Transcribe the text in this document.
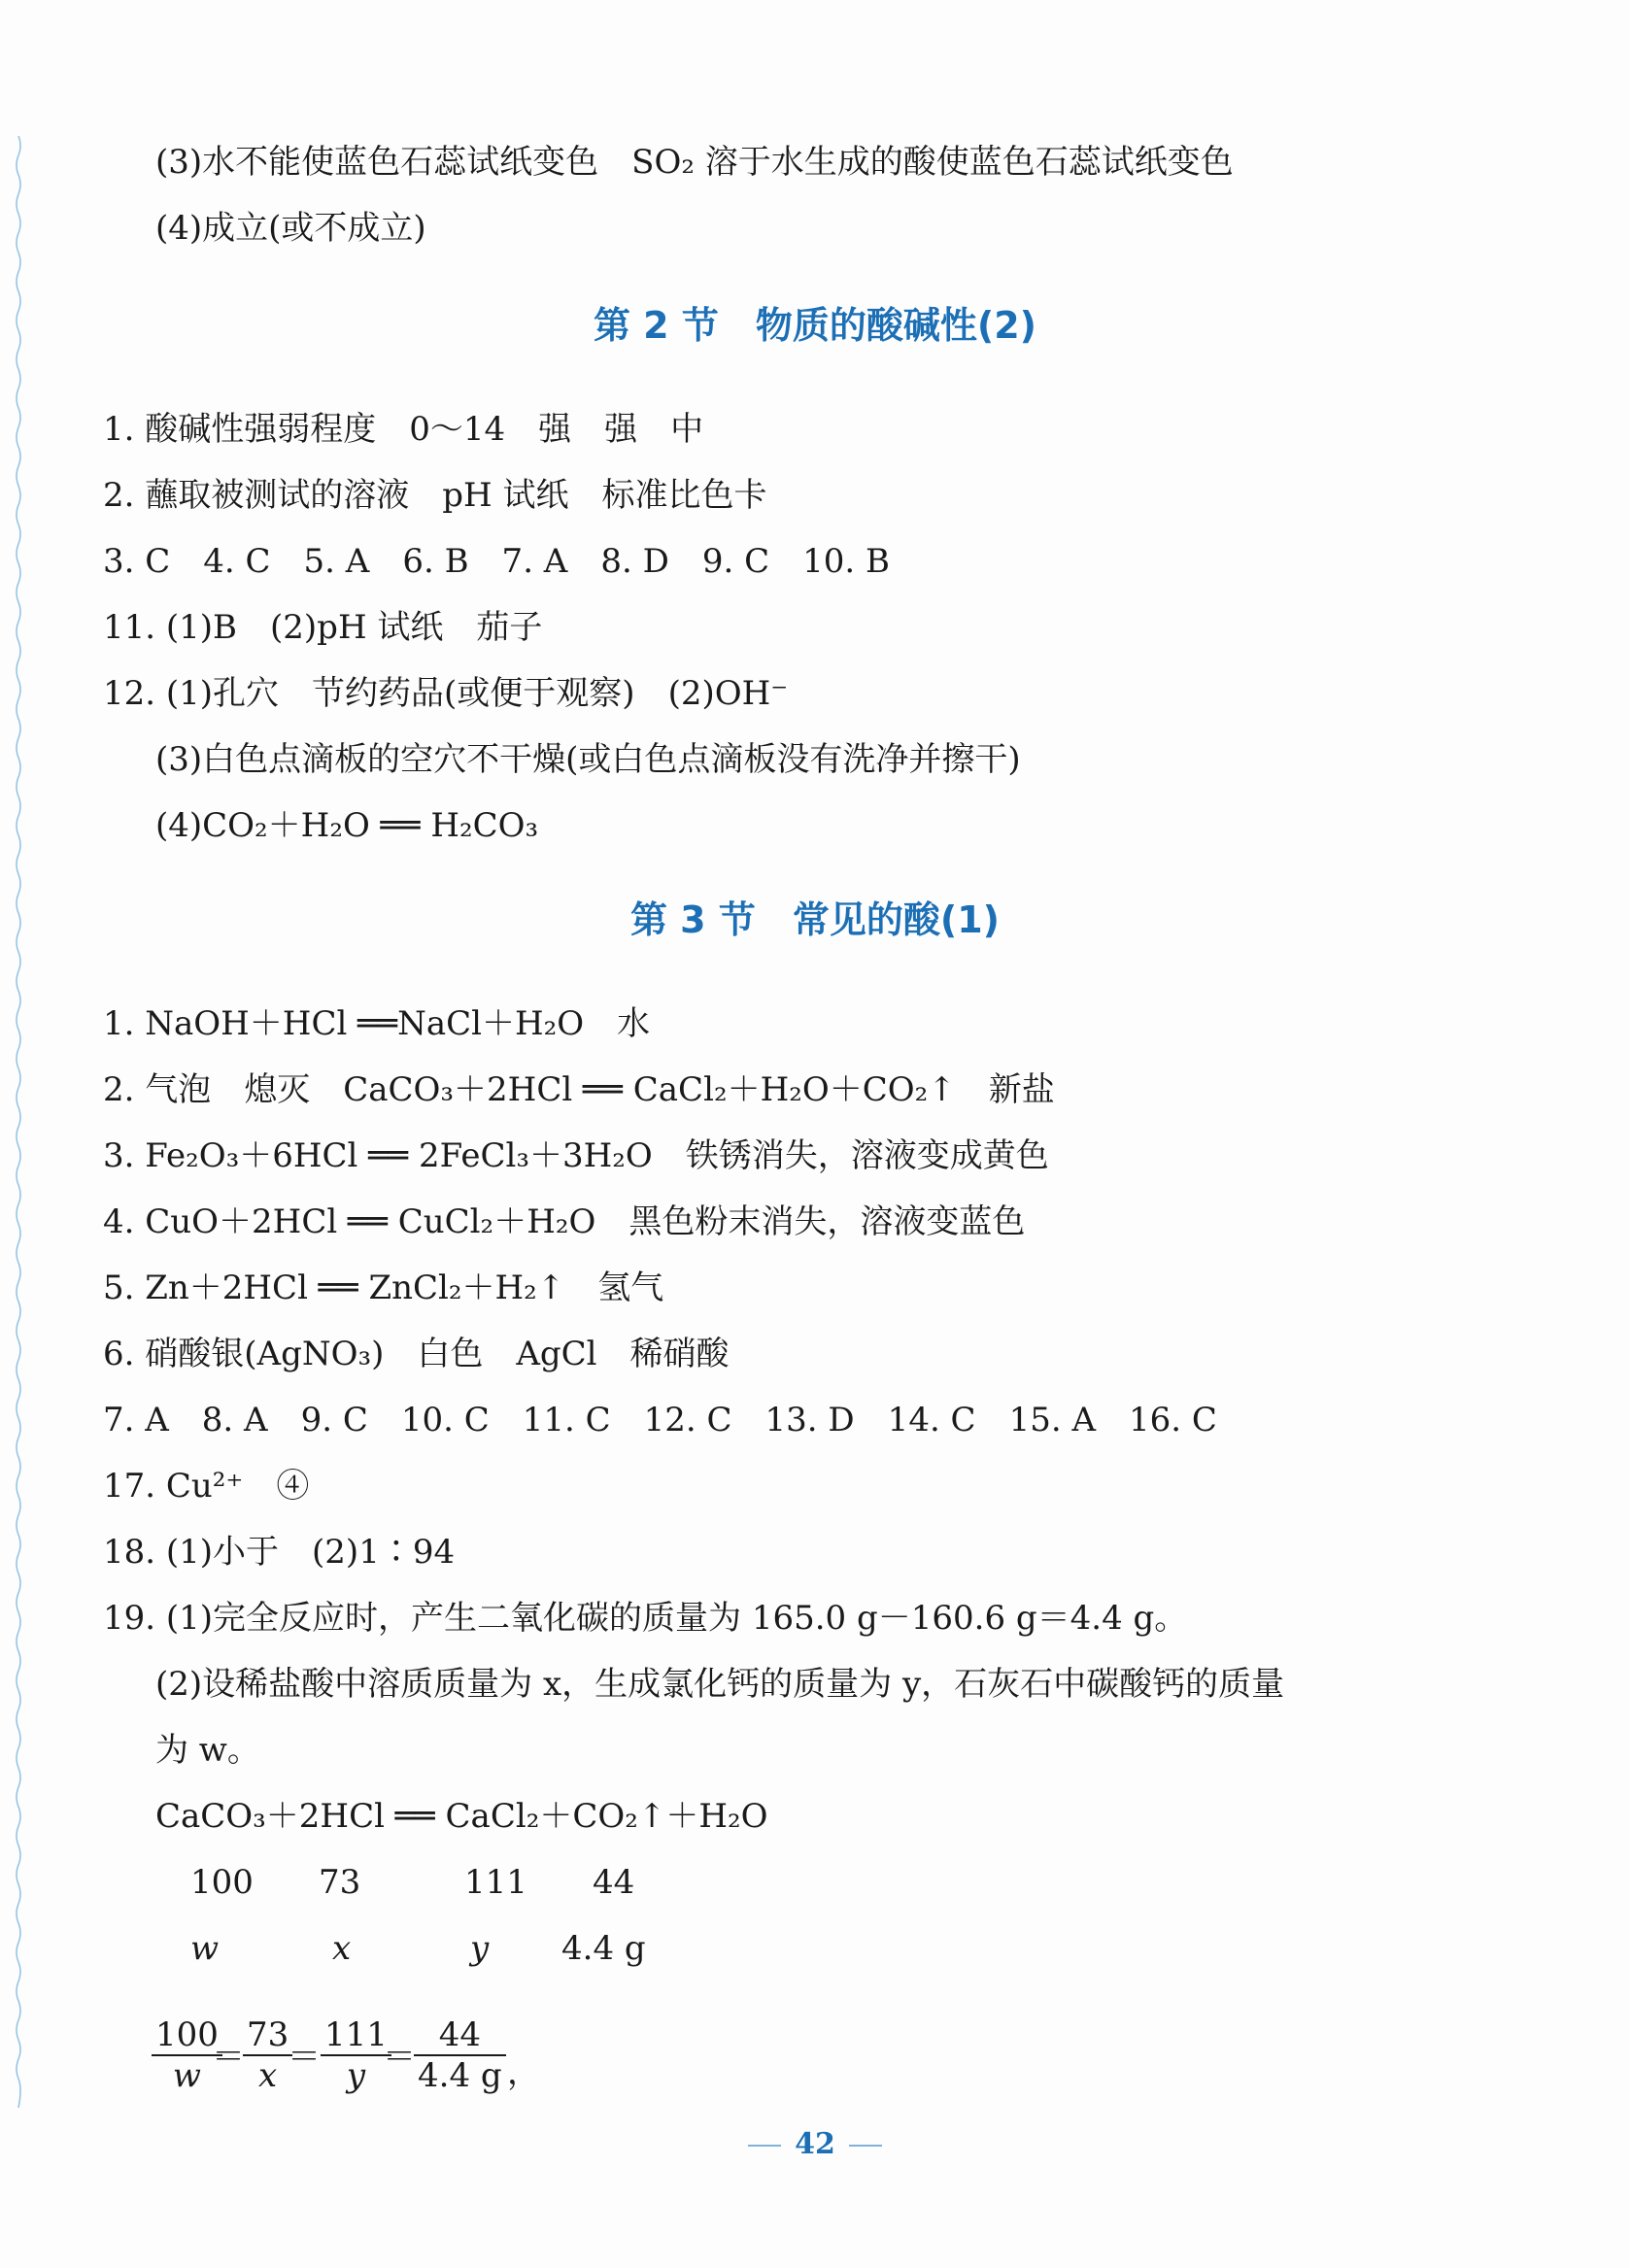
(3)水不能使蓝色石蕊试纸变色　SO₂ 溶于水生成的酸使蓝色石蕊试纸变色
(4)成立(或不成立)
第 2 节　物质的酸碱性(2)
1. 酸碱性强弱程度　0～14　强　强　中
2. 蘸取被测试的溶液　pH 试纸　标准比色卡
3. C　4. C　5. A　6. B　7. A　8. D　9. C　10. B
11. (1)B　(2)pH 试纸　茄子
12. (1)孔穴　节约药品(或便于观察)　(2)OH⁻
(3)白色点滴板的空穴不干燥(或白色点滴板没有洗净并擦干)
(4)CO₂＋H₂O ══ H₂CO₃
第 3 节　常见的酸(1)
1. NaOH＋HCl ══NaCl＋H₂O　水
2. 气泡　熄灭　CaCO₃＋2HCl ══ CaCl₂＋H₂O＋CO₂↑　新盐
3. Fe₂O₃＋6HCl ══ 2FeCl₃＋3H₂O　铁锈消失，溶液变成黄色
4. CuO＋2HCl ══ CuCl₂＋H₂O　黑色粉末消失，溶液变蓝色
5. Zn＋2HCl ══ ZnCl₂＋H₂↑　氢气
6. 硝酸银(AgNO₃)　白色　AgCl　稀硝酸
7. A　8. A　9. C　10. C　11. C　12. C　13. D　14. C　15. A　16. C
17. Cu²⁺　④
18. (1)小于　(2)1∶94
19. (1)完全反应时，产生二氧化碳的质量为 165.0 g－160.6 g＝4.4 g。
(2)设稀盐酸中溶质质量为 x，生成氯化钙的质量为 y，石灰石中碳酸钙的质量
为 w。
CaCO₃＋2HCl ══ CaCl₂＋CO₂↑＋H₂O
100 73	111 44
w	x	y 4.4 g
$\frac{100}{w}$
＝
$\frac{73}{x}$
＝ $\frac{111}{y}$
＝
$\frac{44}{4.4 g}$ ，
42
